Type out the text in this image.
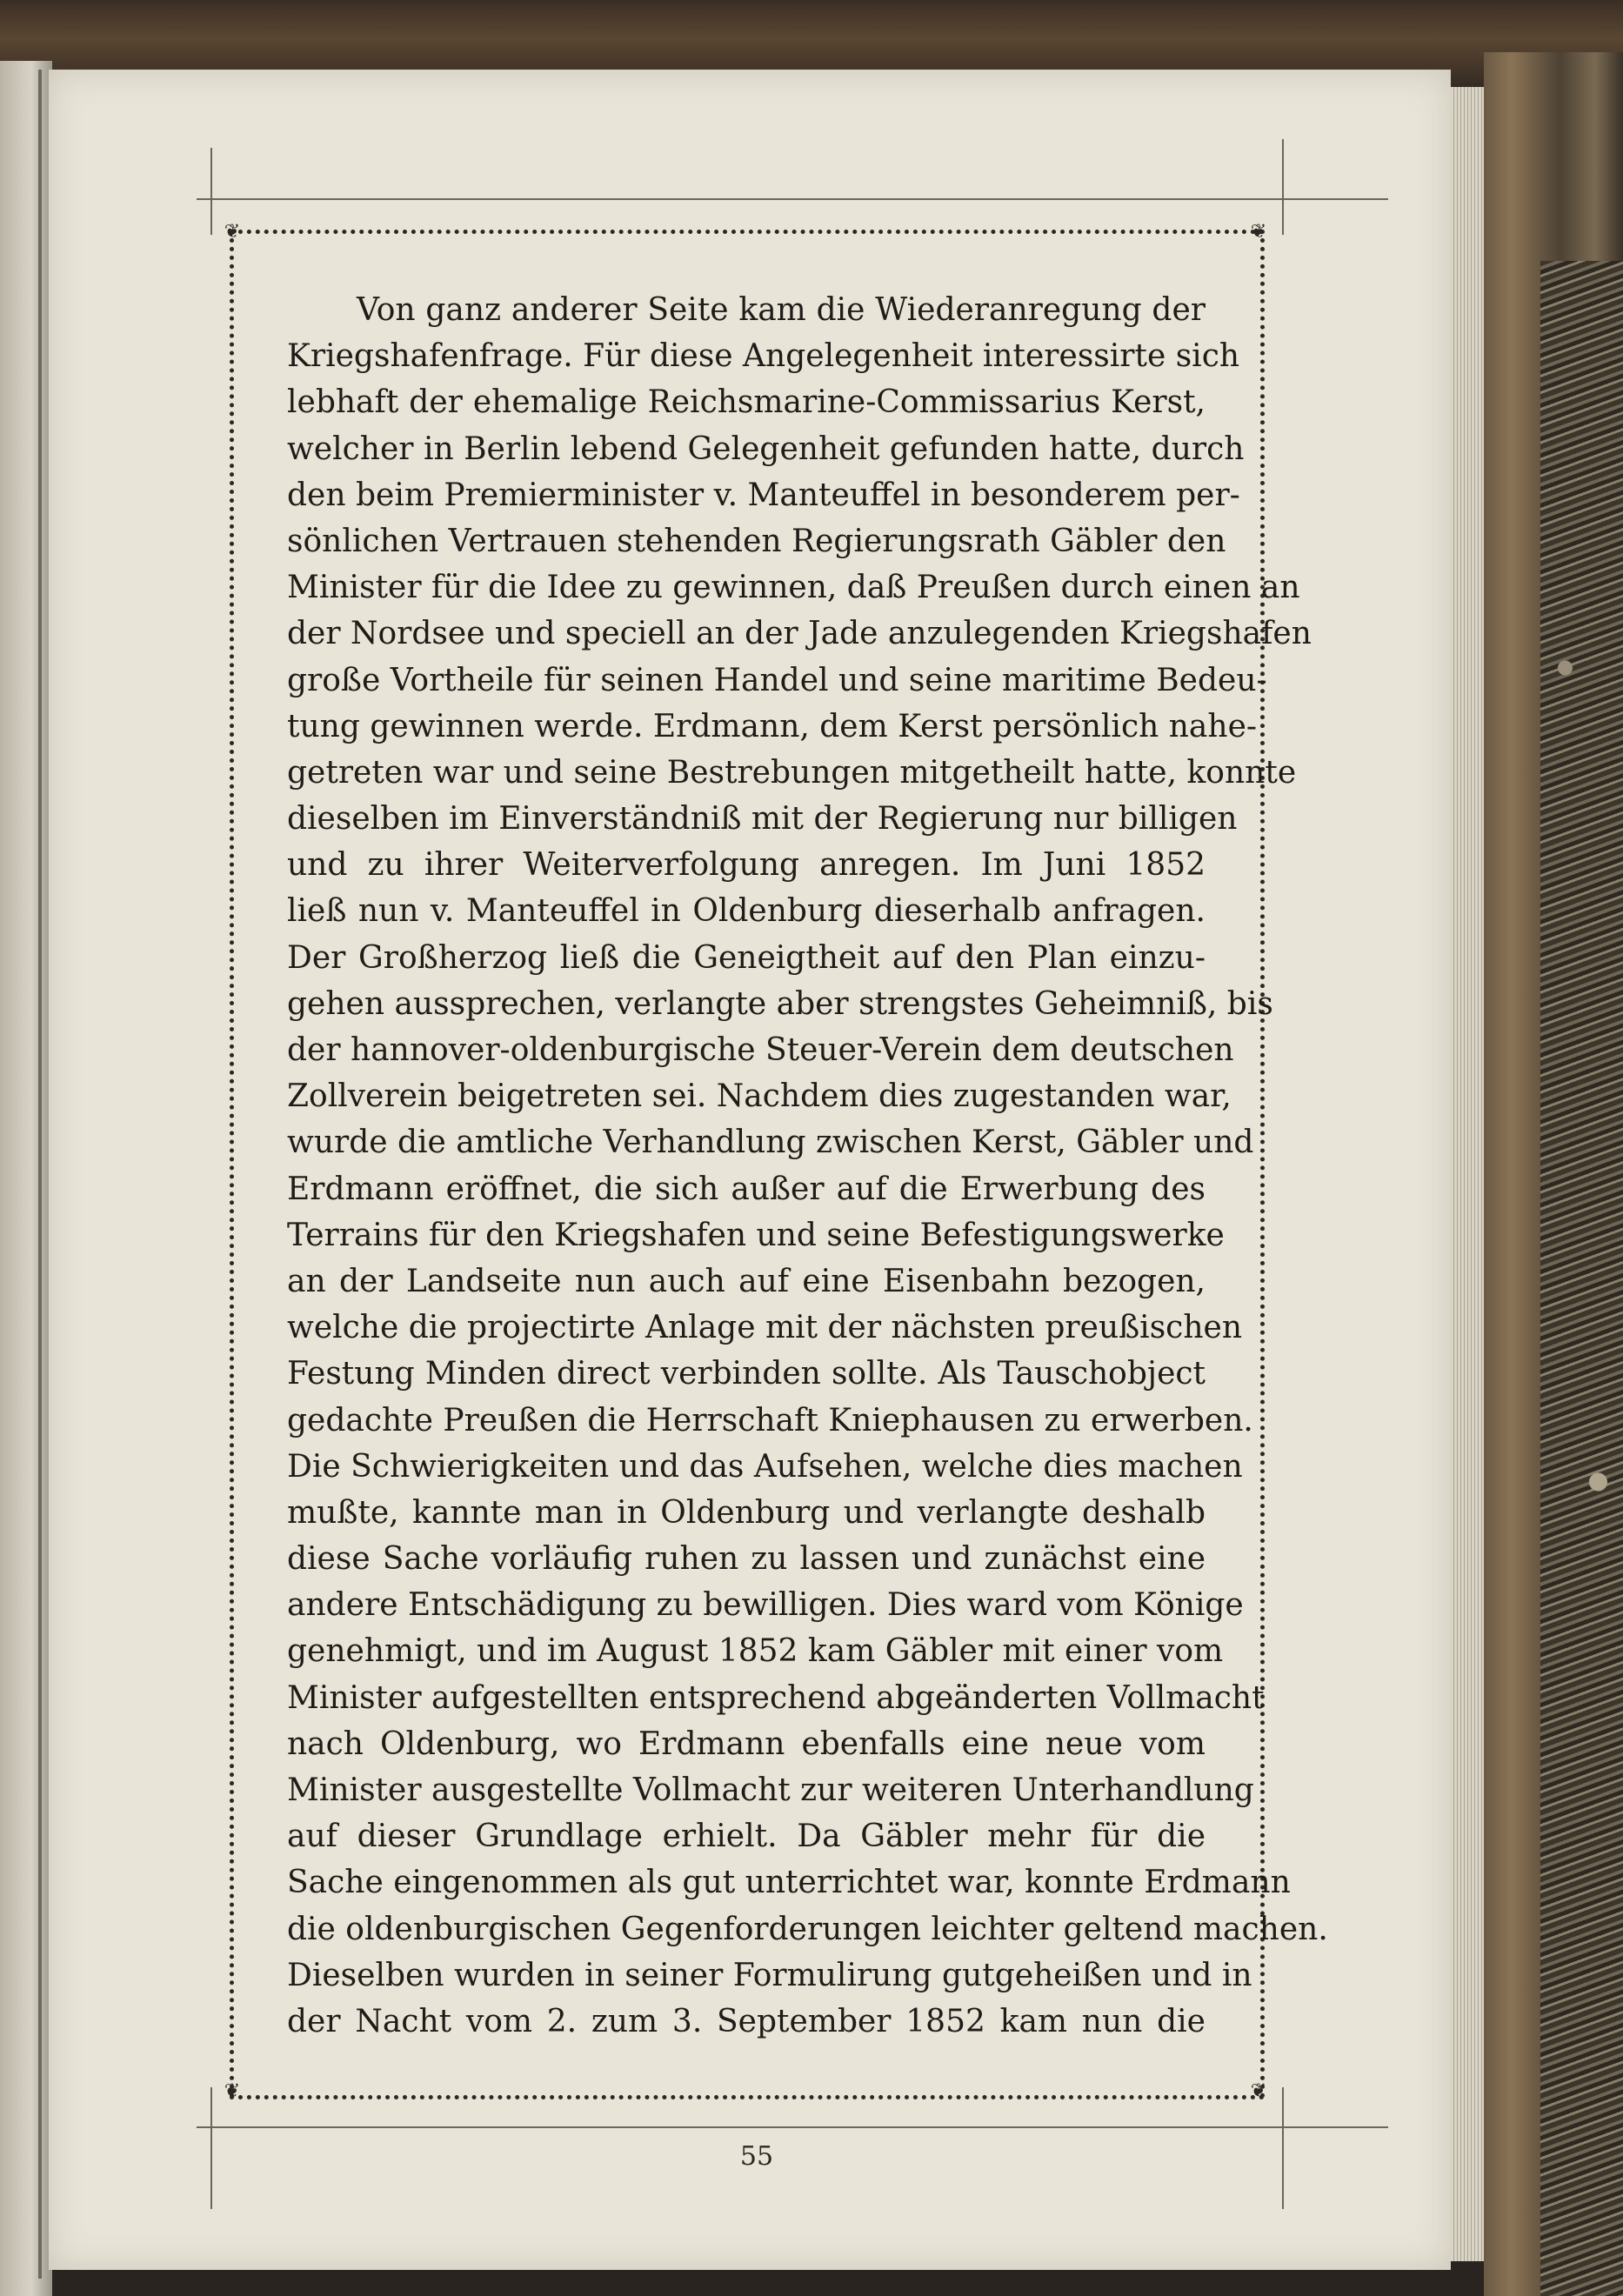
❦	❦
❦	❦
Von ganz anderer Seite kam die Wiederanregung der
Kriegshafenfrage. Für diese Angelegenheit interessirte sich
lebhaft der ehemalige Reichsmarine-Commissarius Kerst,
welcher in Berlin lebend Gelegenheit gefunden hatte, durch
den beim Premierminister v. Manteuffel in besonderem per-
sönlichen Vertrauen stehenden Regierungsrath Gäbler den
Minister für die Idee zu gewinnen, daß Preußen durch einen an
der Nordsee und speciell an der Jade anzulegenden Kriegshafen
große Vortheile für seinen Handel und seine maritime Bedeu-
tung gewinnen werde. Erdmann, dem Kerst persönlich nahe-
getreten war und seine Bestrebungen mitgetheilt hatte, konnte
dieselben im Einverständniß mit der Regierung nur billigen
und zu ihrer Weiterverfolgung anregen. Im Juni 1852
ließ nun v. Manteuffel in Oldenburg dieserhalb anfragen.
Der Großherzog ließ die Geneigtheit auf den Plan einzu-
gehen aussprechen, verlangte aber strengstes Geheimniß, bis
der hannover-oldenburgische Steuer-Verein dem deutschen
Zollverein beigetreten sei. Nachdem dies zugestanden war,
wurde die amtliche Verhandlung zwischen Kerst, Gäbler und
Erdmann eröffnet, die sich außer auf die Erwerbung des
Terrains für den Kriegshafen und seine Befestigungswerke
an der Landseite nun auch auf eine Eisenbahn bezogen,
welche die projectirte Anlage mit der nächsten preußischen
Festung Minden direct verbinden sollte. Als Tauschobject
gedachte Preußen die Herrschaft Kniephausen zu erwerben.
Die Schwierigkeiten und das Aufsehen, welche dies machen
mußte, kannte man in Oldenburg und verlangte deshalb
diese Sache vorläufig ruhen zu lassen und zunächst eine
andere Entschädigung zu bewilligen. Dies ward vom Könige
genehmigt, und im August 1852 kam Gäbler mit einer vom
Minister aufgestellten entsprechend abgeänderten Vollmacht
nach Oldenburg, wo Erdmann ebenfalls eine neue vom
Minister ausgestellte Vollmacht zur weiteren Unterhandlung
auf dieser Grundlage erhielt. Da Gäbler mehr für die
Sache eingenommen als gut unterrichtet war, konnte Erdmann
die oldenburgischen Gegenforderungen leichter geltend machen.
Dieselben wurden in seiner Formulirung gutgeheißen und in
der Nacht vom 2. zum 3. September 1852 kam nun die
55
